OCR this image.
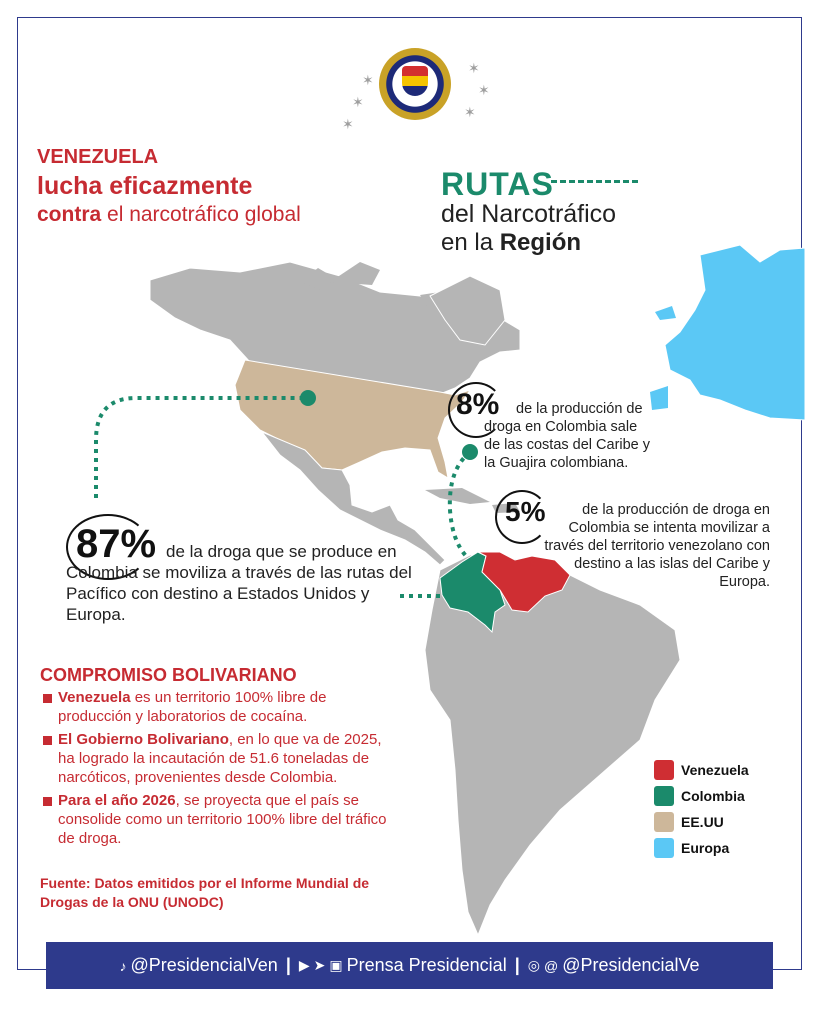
✶
✶
✶
✶
✶
✶
VENEZUELA
lucha eficazmente
contra el narcotráfico global
RUTAS
del Narcotráfico
en la Región
8%	de la producción de droga en Colombia sale de las costas del Caribe y la Guajira colombiana.
5%	de la producción de droga en Colombia se intenta movilizar a través del territorio venezolano con destino a las islas del Caribe y Europa.
87% de la droga que se produce en Colombia se moviliza a través de las rutas del Pacífico con destino a Estados Unidos y Europa.
COMPROMISO BOLIVARIANO
Venezuela es un territorio 100% libre de producción y laboratorios de cocaína.
El Gobierno Bolivariano, en lo que va de 2025, ha logrado la incautación de 51.6 toneladas de narcóticos, provenientes desde Colombia.
Para el año 2026, se proyecta que el país se consolide como un territorio 100% libre del tráfico de droga.
Fuente: Datos emitidos por el Informe Mundial de Drogas de la ONU (UNODC)
Venezuela
Colombia
EE.UU
Europa
♪ @PresidencialVen | ▶ ➤ ▣ Prensa Presidencial | ◎ @ @PresidencialVe
